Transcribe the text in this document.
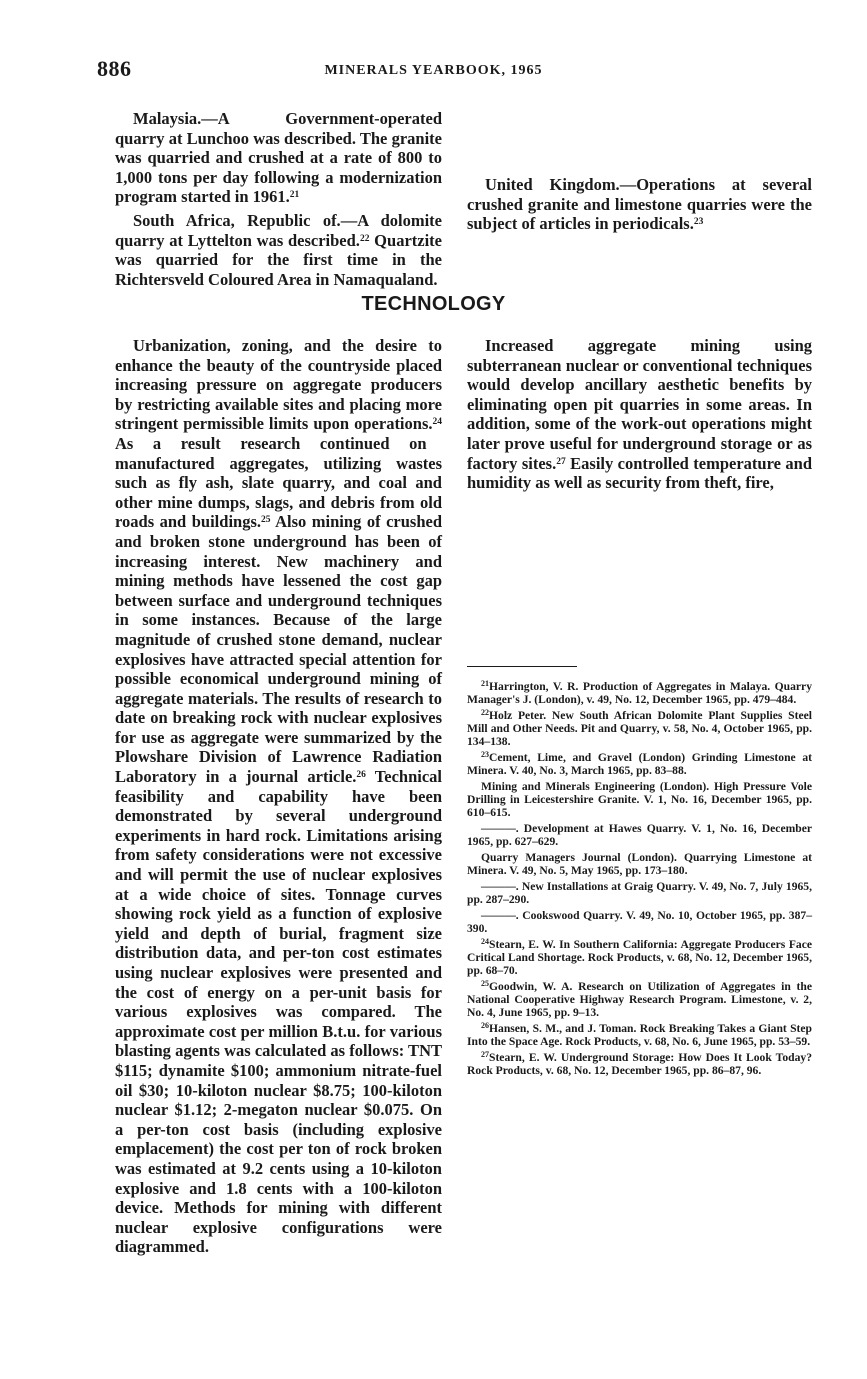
886	MINERALS YEARBOOK, 1965

Malaysia.—A Government-operated quarry at Lunchoo was described. The granite was quarried and crushed at a rate of 800 to 1,000 tons per day following a modernization program started in 1961.21

South Africa, Republic of.—A dolomite quarry at Lyttelton was described.$^{22}$ Quartzite was quarried for the first time in the Richtersveld Coloured Area in Namaqualand.

United Kingdom.—Operations at several crushed granite and limestone quarries were the subject of articles in periodicals.$^{23}$

TECHNOLOGY

Urbanization, zoning, and the desire to enhance the beauty of the countryside placed increasing pressure on aggregate producers by restricting available sites and placing more stringent permissible limits upon operations.$^{24}$ As a result research continued on manufactured aggregates, utilizing wastes such as fly ash, slate quarry, and coal and other mine dumps, slags, and debris from old roads and buildings.$^{25}$ Also mining of crushed and broken stone underground has been of increasing interest. New machinery and mining methods have lessened the cost gap between surface and underground techniques in some instances. Because of the large magnitude of crushed stone demand, nuclear explosives have attracted special attention for possible economical underground mining of aggregate materials. The results of research to date on breaking rock with nuclear explosives for use as aggregate were summarized by the Plowshare Division of Lawrence Radiation Laboratory in a journal article.$^{26}$ Technical feasibility and capability have been demonstrated by several underground experiments in hard rock. Limitations arising from safety considerations were not excessive and will permit the use of nuclear explosives at a wide choice of sites. Tonnage curves showing rock yield as a function of explosive yield and depth of burial, fragment size distribution data, and per-ton cost estimates using nuclear explosives were presented and the cost of energy on a per-unit basis for various explosives was compared. The approximate cost per million B.t.u. for various blasting agents was calculated as follows: TNT $115; dynamite $100; ammonium nitrate-fuel oil $30; 10-kiloton nuclear $8.75; 100-kiloton nuclear $1.12; 2-megaton nuclear $0.075. On a per-ton cost basis (including explosive emplacement) the cost per ton of rock broken was estimated at 9.2 cents using a 10-kiloton explosive and 1.8 cents with a 100-kiloton device. Methods for mining with different nuclear explosive configurations were diagrammed.

Increased aggregate mining using subterranean nuclear or conventional techniques would develop ancillary aesthetic benefits by eliminating open pit quarries in some areas. In addition, some of the work-out operations might later prove useful for underground storage or as factory sites.$^{27}$ Easily controlled temperature and humidity as well as security from theft, fire,

$^{21}$Harrington, V. R. Production of Aggregates in Malaya. Quarry Manager's J. (London), v. 49, No. 12, December 1965, pp. 479–484.

$^{22}$Holz Peter. New South African Dolomite Plant Supplies Steel Mill and Other Needs. Pit and Quarry, v. 58, No. 4, October 1965, pp. 134–138.

$^{23}$Cement, Lime, and Gravel (London) Grinding Limestone at Minera. V. 40, No. 3, March 1965, pp. 83–88.

Mining and Minerals Engineering (London). High Pressure Vole Drilling in Leicestershire Granite. V. 1, No. 16, December 1965, pp. 610–615.

———. Development at Hawes Quarry. V. 1, No. 16, December 1965, pp. 627–629.

Quarry Managers Journal (London). Quarrying Limestone at Minera. V. 49, No. 5, May 1965, pp. 173–180.

———. New Installations at Graig Quarry. V. 49, No. 7, July 1965, pp. 287–290.

———. Cookswood Quarry. V. 49, No. 10, October 1965, pp. 387–390.

$^{24}$Stearn, E. W. In Southern California: Aggregate Producers Face Critical Land Shortage. Rock Products, v. 68, No. 12, December 1965, pp. 68–70.

$^{25}$Goodwin, W. A. Research on Utilization of Aggregates in the National Cooperative Highway Research Program. Limestone, v. 2, No. 4, June 1965, pp. 9–13.

$^{26}$Hansen, S. M., and J. Toman. Rock Breaking Takes a Giant Step Into the Space Age. Rock Products, v. 68, No. 6, June 1965, pp. 53–59.

$^{27}$Stearn, E. W. Underground Storage: How Does It Look Today? Rock Products, v. 68, No. 12, December 1965, pp. 86–87, 96.
